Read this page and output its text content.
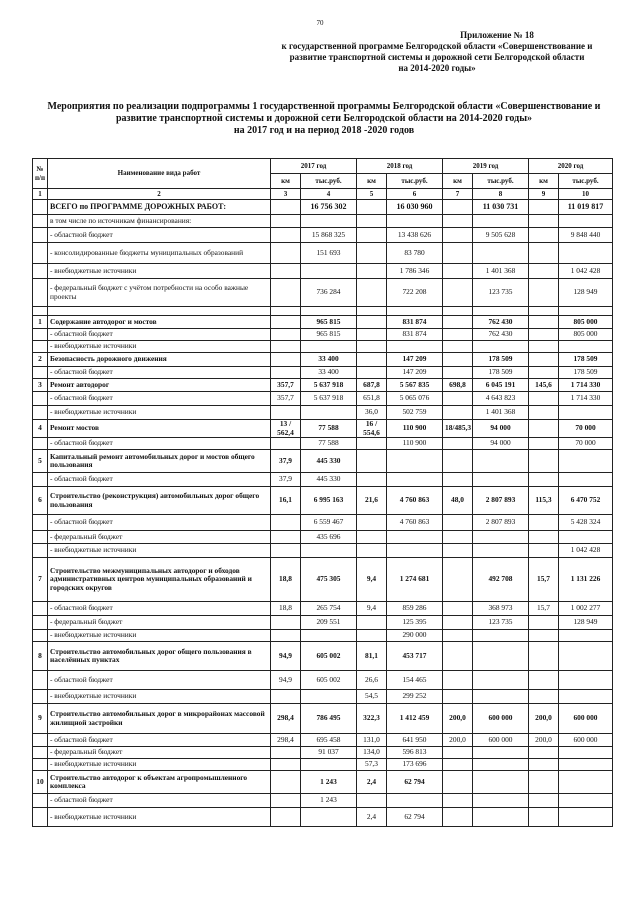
70
Приложение № 18
к государственной программе Белгородской области «Совершенствование и
развитие транспортной системы и дорожной сети Белгородской области
на 2014-2020 годы»
Мероприятия по реализации подпрограммы 1 государственной программы Белгородской области «Совершенствование и
развитие транспортной системы и дорожной сети Белгородской области на 2014-2020 годы»
на 2017 год и на период 2018 -2020 годов
№ п/п	Наименование вида работ	2017 год		2018 год		2019 год		2020 год	
		км	тыс.руб.	км	тыс.руб.	км	тыс.руб.	км	тыс.руб.
1	2	3	4	5	6	7	8	9	10
	ВСЕГО по ПРОГРАММЕ ДОРОЖНЫХ РАБОТ:		16 756 302		16 030 960		11 030 731		11 019 817
	в том числе по источникам финансирования:								
	- областной бюджет		15 868 325		13 438 626		9 505 628		9 848 440
	- консолидированные бюджеты муниципальных образований		151 693		83 780				
	- внебюджетные источники				1 786 346		1 401 368		1 042 428
	- федеральный бюджет с учётом потребности на особо важные проекты		736 284		722 208		123 735		128 949

1	Содержание автодорог и мостов		965 815		831 874		762 430		805 000
	- областной бюджет		965 815		831 874		762 430		805 000
	- внебюджетные источники								
2	Безопасность дорожного движения		33 400		147 209		178 509		178 509
	- областной бюджет		33 400		147 209		178 509		178 509
3	Ремонт автодорог	357,7	5 637 918	687,8	5 567 835	698,8	6 045 191	145,6	1 714 330
	- областной бюджет	357,7	5 637 918	651,8	5 065 076		4 643 823		1 714 330
	- внебюджетные источники			36,0	502 759		1 401 368		
4	Ремонт мостов	13 / 562,4	77 588	16 / 554,6	110 900	18/485,3	94 000		70 000
	- областной бюджет		77 588		110 900		94 000		70 000
5	Капитальный ремонт автомобильных дорог и мостов общего пользования	37,9	445 330						
	- областной бюджет	37,9	445 330						
6	Строительство (реконструкция) автомобильных дорог общего пользования	16,1	6 995 163	21,6	4 760 863	48,0	2 807 893	115,3	6 470 752
	- областной бюджет		6 559 467		4 760 863		2 807 893		5 428 324
	- федеральный бюджет		435 696						
	- внебюджетные источники								1 042 428
7	Строительство межмуниципальных автодорог и обходов административных центров муниципальных образований и городских округов	18,8	475 305	9,4	1 274 681		492 708	15,7	1 131 226
	- областной бюджет	18,8	265 754	9,4	859 286		368 973	15,7	1 002 277
	- федеральный бюджет		209 551		125 395		123 735		128 949
	- внебюджетные источники				290 000				
8	Строительство автомобильных дорог общего пользования в населённых пунктах	94,9	605 002	81,1	453 717				
	- областной бюджет	94,9	605 002	26,6	154 465				
	- внебюджетные источники			54,5	299 252				
9	Строительство автомобильных дорог в микрорайонах массовой жилищной застройки	298,4	786 495	322,3	1 412 459	200,0	600 000	200,0	600 000
	- областной бюджет	298,4	695 458	131,0	641 950	200,0	600 000	200,0	600 000
	- федеральный бюджет		91 037	134,0	596 813				
	- внебюджетные источники			57,3	173 696				
10	Строительство автодорог к объектам агропромышленного комплекса		1 243	2,4	62 794				
	- областной бюджет		1 243						
	- внебюджетные источники			2,4	62 794				
